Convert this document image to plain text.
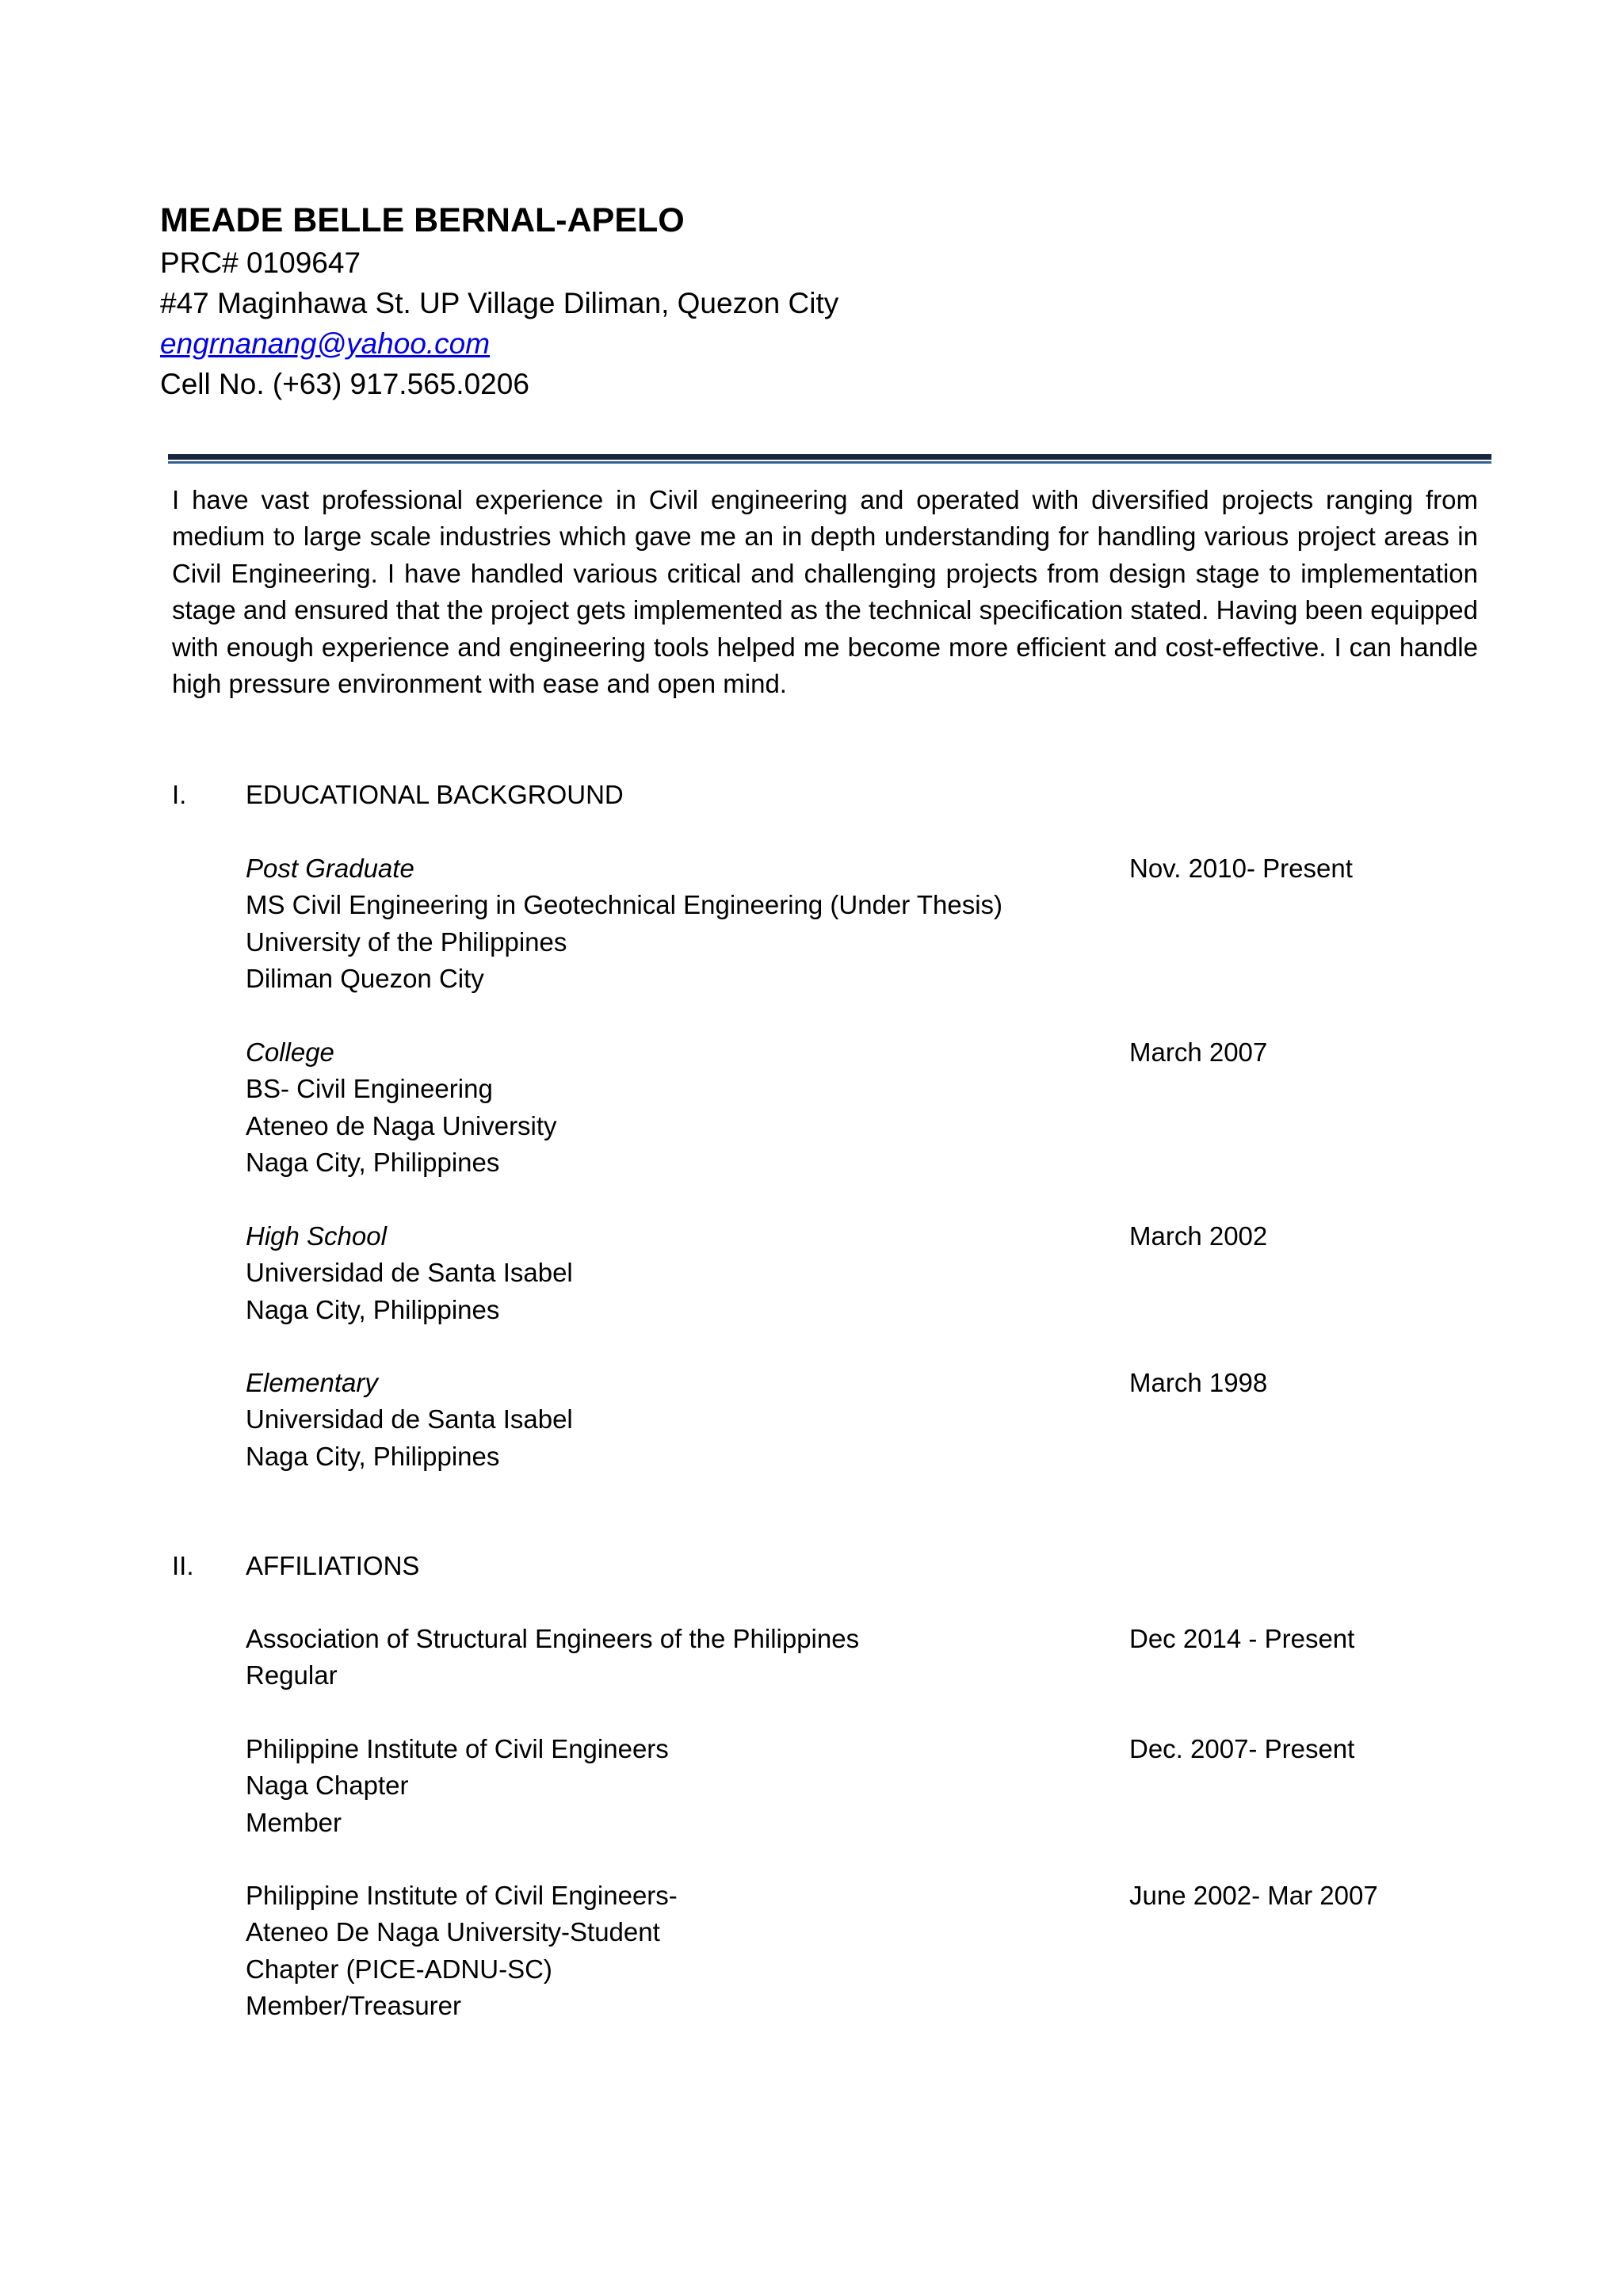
MEADE BELLE BERNAL-APELO

PRC# 0109647

#47 Maginhawa St. UP Village Diliman, Quezon City

engrnanang@yahoo.com

Cell No. (+63) 917.565.0206

I have vast professional experience in Civil engineering and operated with diversified projects ranging from medium to large scale industries which gave me an in depth understanding for handling various project areas in Civil Engineering. I have handled various critical and challenging projects from design stage to implementation stage and ensured that the project gets implemented as the technical specification stated. Having been equipped with enough experience and engineering tools helped me become more efficient and cost-effective. I can handle high pressure environment with ease and open mind.

I.	EDUCATIONAL BACKGROUND
Post Graduate
MS Civil Engineering in Geotechnical Engineering (Under Thesis)
University of the Philippines
Diliman Quezon City
Nov. 2010- Present
College
BS- Civil Engineering
Ateneo de Naga University
Naga City, Philippines
March 2007
High School
Universidad de Santa Isabel
Naga City, Philippines
March 2002
Elementary
Universidad de Santa Isabel
Naga City, Philippines
March 1998
II.	AFFILIATIONS
Association of Structural Engineers of the Philippines
Regular
Dec 2014 - Present
Philippine Institute of Civil Engineers
Naga Chapter
Member
Dec. 2007- Present
Philippine Institute of Civil Engineers-
Ateneo De Naga University-Student
Chapter (PICE-ADNU-SC)
Member/Treasurer
June 2002- Mar 2007
